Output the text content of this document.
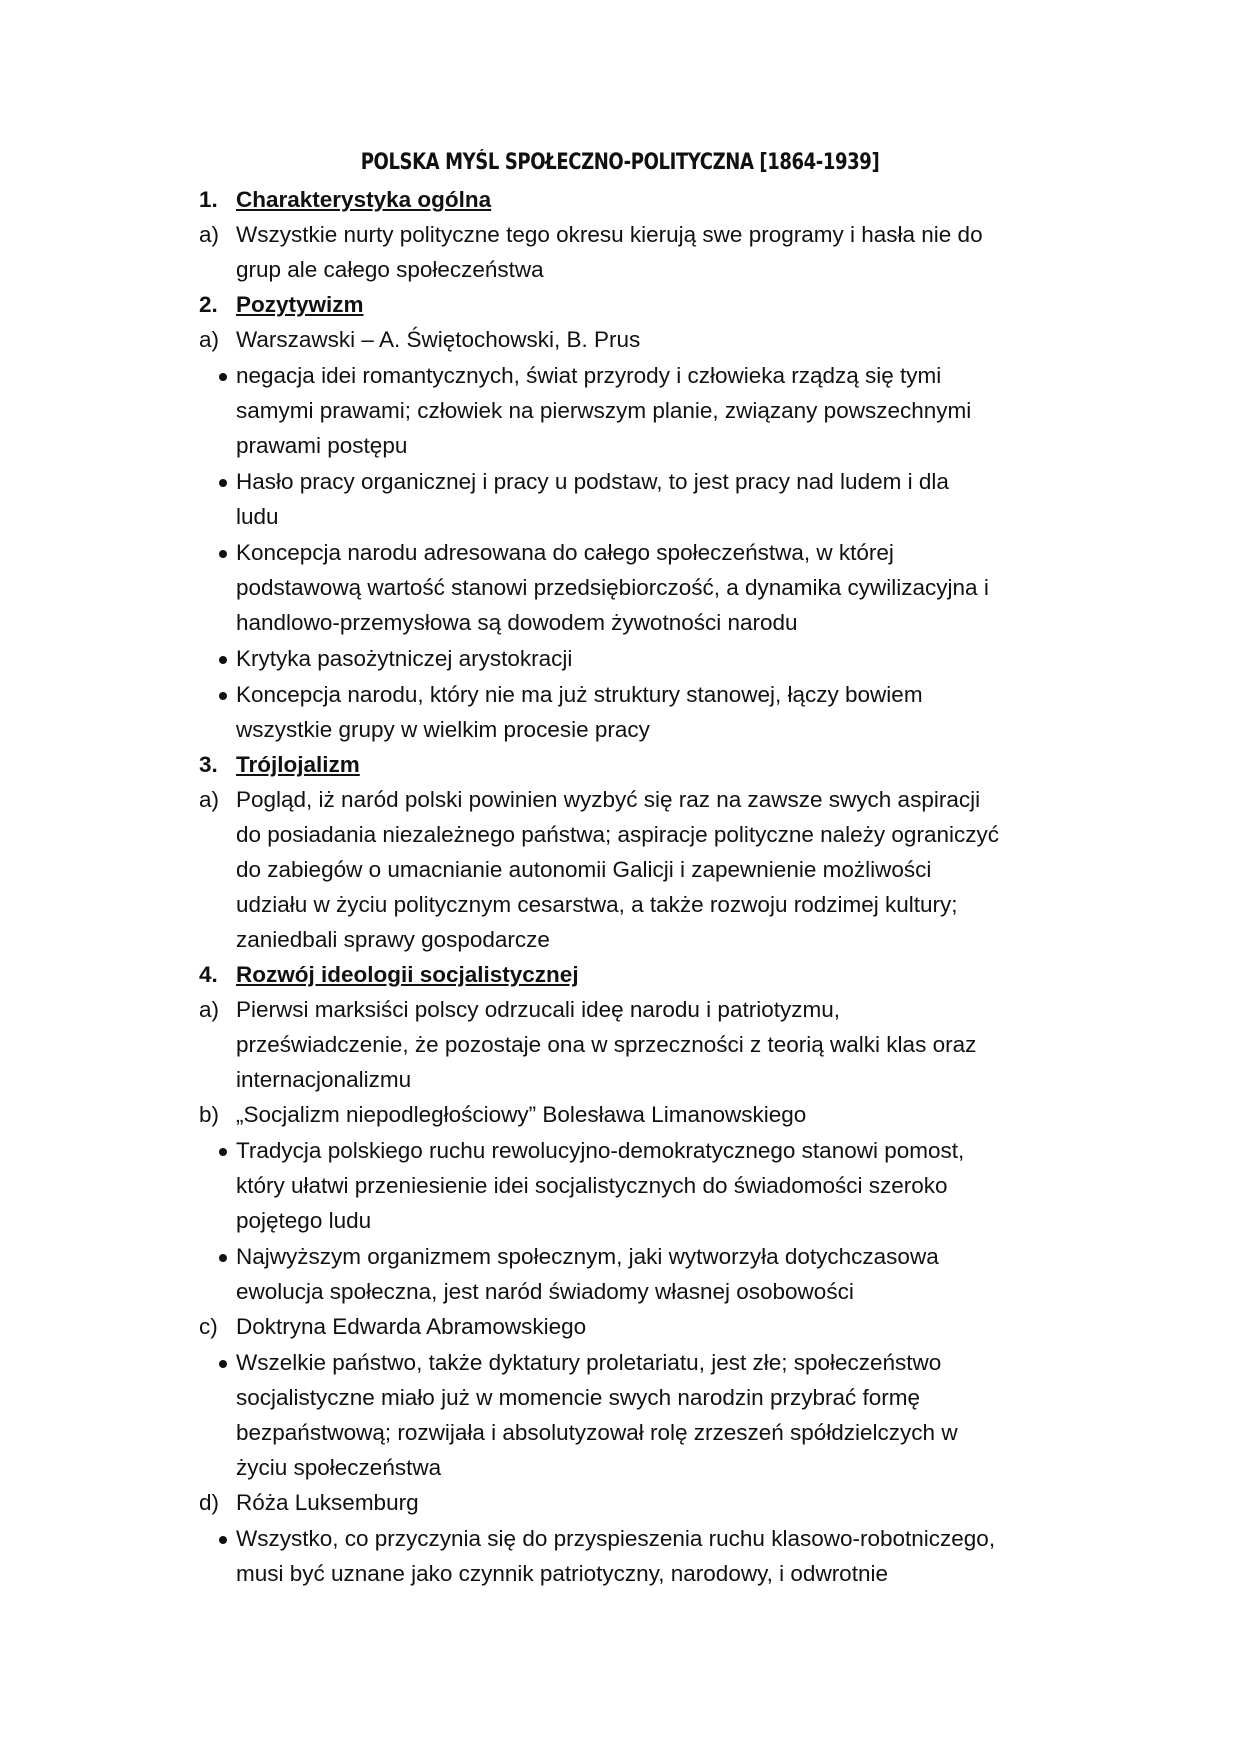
POLSKA MYŚL SPOŁECZNO-POLITYCZNA [1864-1939]
1. Charakterystyka ogólna
a) Wszystkie nurty polityczne tego okresu kierują swe programy i hasła nie do
grup ale całego społeczeństwa
2. Pozytywizm
a) Warszawski – A. Świętochowski, B. Prus
negacja idei romantycznych, świat przyrody i człowieka rządzą się tymi
samymi prawami; człowiek na pierwszym planie, związany powszechnymi
prawami postępu
Hasło pracy organicznej i pracy u podstaw, to jest pracy nad ludem i dla
ludu
Koncepcja narodu adresowana do całego społeczeństwa, w której
podstawową wartość stanowi przedsiębiorczość, a dynamika cywilizacyjna i
handlowo-przemysłowa są dowodem żywotności narodu
Krytyka pasożytniczej arystokracji
Koncepcja narodu, który nie ma już struktury stanowej, łączy bowiem
wszystkie grupy w wielkim procesie pracy
3. Trójlojalizm
a) Pogląd, iż naród polski powinien wyzbyć się raz na zawsze swych aspiracji
do posiadania niezależnego państwa; aspiracje polityczne należy ograniczyć
do zabiegów o umacnianie autonomii Galicji i zapewnienie możliwości
udziału w życiu politycznym cesarstwa, a także rozwoju rodzimej kultury;
zaniedbali sprawy gospodarcze
4. Rozwój ideologii socjalistycznej
a) Pierwsi marksiści polscy odrzucali ideę narodu i patriotyzmu,
przeświadczenie, że pozostaje ona w sprzeczności z teorią walki klas oraz
internacjonalizmu
b) „Socjalizm niepodległościowy” Bolesława Limanowskiego
Tradycja polskiego ruchu rewolucyjno-demokratycznego stanowi pomost,
który ułatwi przeniesienie idei socjalistycznych do świadomości szeroko
pojętego ludu
Najwyższym organizmem społecznym, jaki wytworzyła dotychczasowa
ewolucja społeczna, jest naród świadomy własnej osobowości
c) Doktryna Edwarda Abramowskiego
Wszelkie państwo, także dyktatury proletariatu, jest złe; społeczeństwo
socjalistyczne miało już w momencie swych narodzin przybrać formę
bezpaństwową; rozwijała i absolutyzował rolę zrzeszeń spółdzielczych w
życiu społeczeństwa
d) Róża Luksemburg
Wszystko, co przyczynia się do przyspieszenia ruchu klasowo-robotniczego,
musi być uznane jako czynnik patriotyczny, narodowy, i odwrotnie
